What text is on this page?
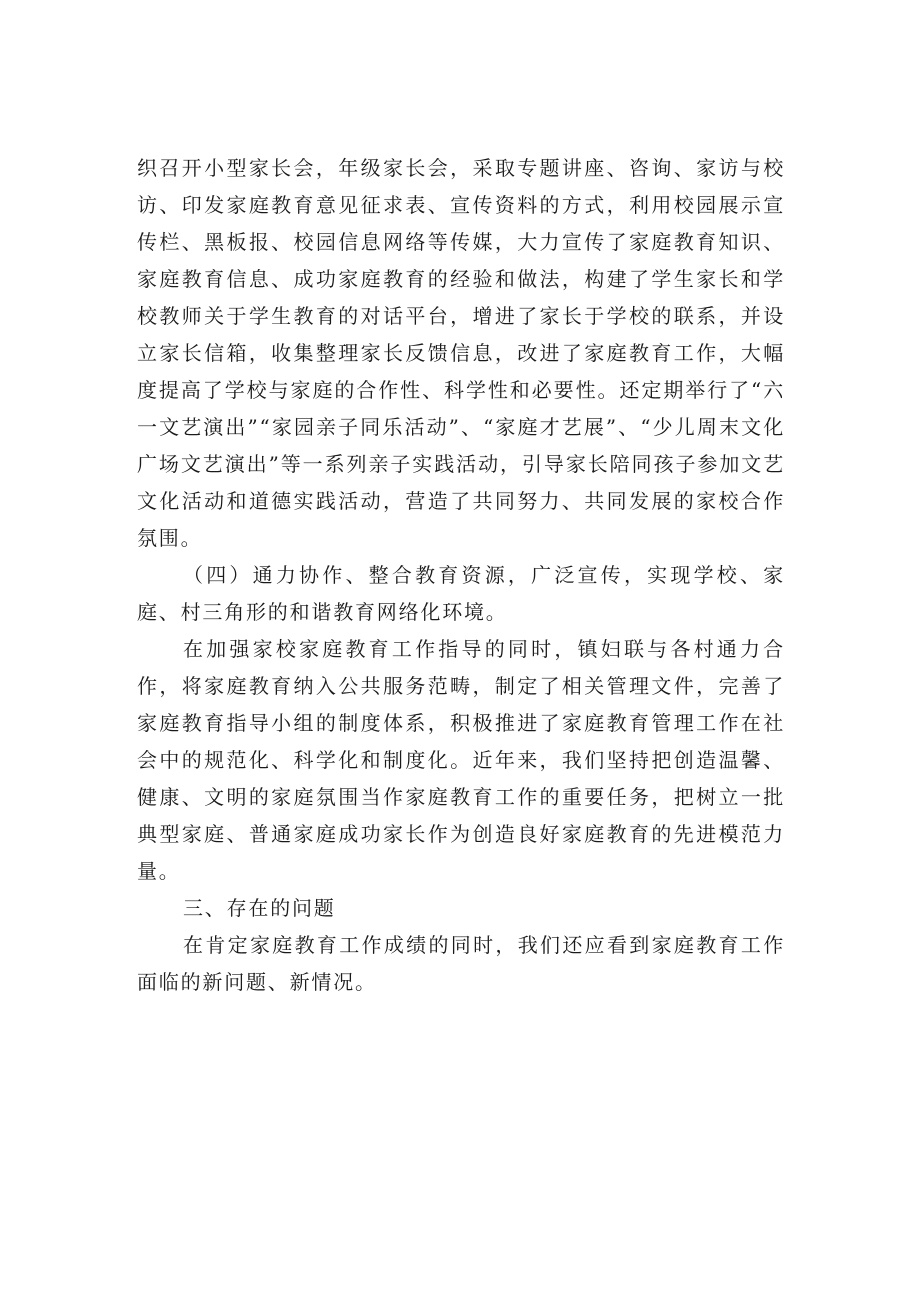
织召开小型家长会，年级家长会，采取专题讲座、咨询、家访与校访、印发家庭教育意见征求表、宣传资料的方式，利用校园展示宣传栏、黑板报、校园信息网络等传媒，大力宣传了家庭教育知识、家庭教育信息、成功家庭教育的经验和做法，构建了学生家长和学校教师关于学生教育的对话平台，增进了家长于学校的联系，并设立家长信箱，收集整理家长反馈信息，改进了家庭教育工作，大幅度提高了学校与家庭的合作性、科学性和必要性。还定期举行了“六一文艺演出”“家园亲子同乐活动”、“家庭才艺展”、“少儿周末文化广场文艺演出”等一系列亲子实践活动，引导家长陪同孩子参加文艺文化活动和道德实践活动，营造了共同努力、共同发展的家校合作氛围。

（四）通力协作、整合教育资源，广泛宣传，实现学校、家庭、村三角形的和谐教育网络化环境。

在加强家校家庭教育工作指导的同时，镇妇联与各村通力合作，将家庭教育纳入公共服务范畴，制定了相关管理文件，完善了家庭教育指导小组的制度体系，积极推进了家庭教育管理工作在社会中的规范化、科学化和制度化。近年来，我们坚持把创造温馨、健康、文明的家庭氛围当作家庭教育工作的重要任务，把树立一批典型家庭、普通家庭成功家长作为创造良好家庭教育的先进模范力量。

三、存在的问题

在肯定家庭教育工作成绩的同时，我们还应看到家庭教育工作面临的新问题、新情况。
